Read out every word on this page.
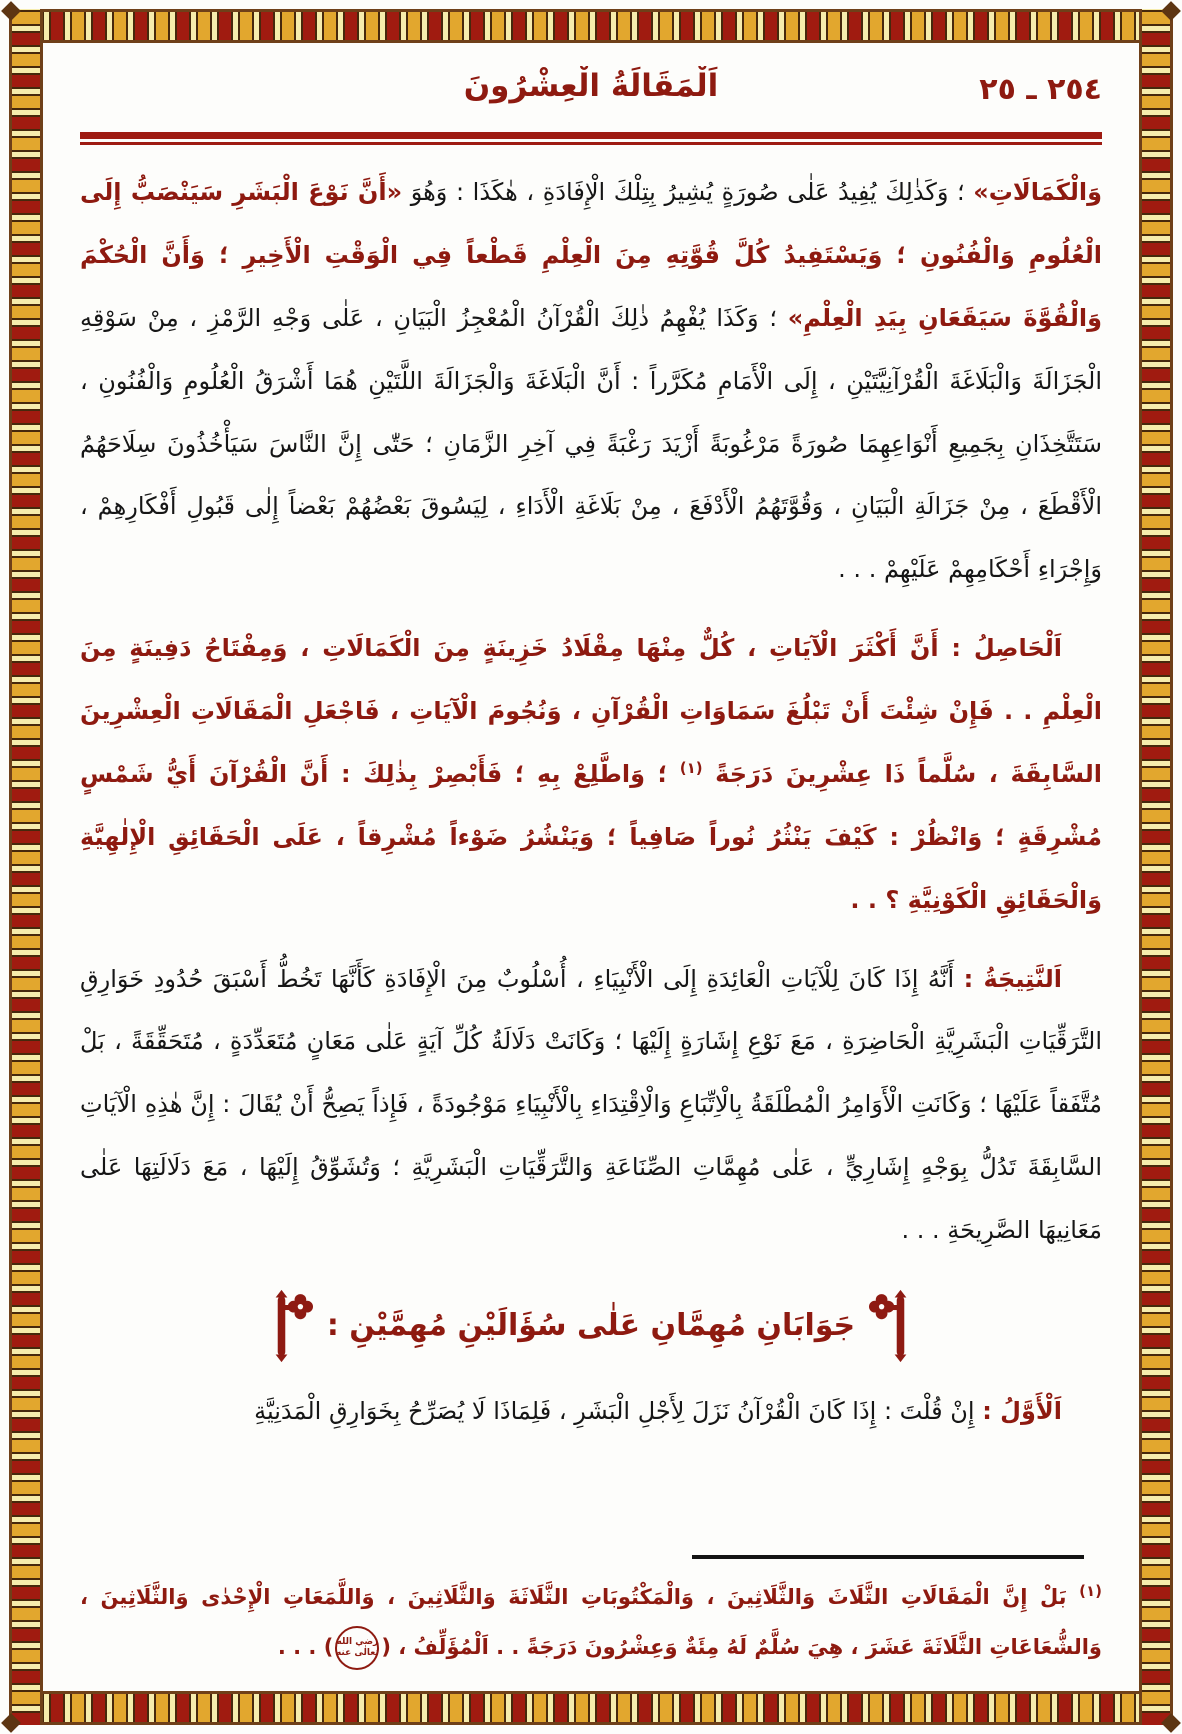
٢٥٤ ـ ٢٥
اَلْمَقَالَةُ الْعِشْرُونَ

وَالْكَمَالَاتِ» ؛ وَكَذٰلِكَ يُفِيدُ عَلٰى صُورَةٍ يُشِيرُ بِتِلْكَ الْإِفَادَةِ ، هٰكَذَا : وَهُوَ «أَنَّ نَوْعَ الْبَشَرِ سَيَنْصَبُّ إِلَى الْعُلُومِ وَالْفُنُونِ ؛ وَيَسْتَفِيدُ كُلَّ قُوَّتِهِ مِنَ الْعِلْمِ قَطْعاً فِي الْوَقْتِ الْأَخِيرِ ؛ وَأَنَّ الْحُكْمَ وَالْقُوَّةَ سَيَقَعَانِ بِيَدِ الْعِلْمِ» ؛ وَكَذَا يُفْهِمُ ذٰلِكَ الْقُرْآنُ الْمُعْجِزُ الْبَيَانِ ، عَلٰى وَجْهِ الرَّمْزِ ، مِنْ سَوْقِهِ الْجَزَالَةَ وَالْبَلَاغَةَ الْقُرْآنِيَّتَيْنِ ، إِلَى الْأَمَامِ مُكَرَّراً : أَنَّ الْبَلَاغَةَ وَالْجَزَالَةَ اللَّتَيْنِ هُمَا أَشْرَقُ الْعُلُومِ وَالْفُنُونِ ، سَتَتَّخِذَانِ بِجَمِيعِ أَنْوَاعِهِمَا صُورَةً مَرْغُوبَةً أَزْيَدَ رَغْبَةً فِي آخِرِ الزَّمَانِ ؛ حَتّٰى إِنَّ النَّاسَ سَيَأْخُذُونَ سِلَاحَهُمُ الْأَقْطَعَ ، مِنْ جَزَالَةِ الْبَيَانِ ، وَقُوَّتَهُمُ الْأَدْفَعَ ، مِنْ بَلَاغَةِ الْأَدَاءِ ، لِيَسُوقَ بَعْضُهُمْ بَعْضاً إِلٰى قَبُولِ أَفْكَارِهِمْ ، وَإِجْرَاءِ أَحْكَامِهِمْ عَلَيْهِمْ . . .

اَلْحَاصِلُ : أَنَّ أَكْثَرَ الْآيَاتِ ، كُلٌّ مِنْهَا مِقْلَادُ خَزِينَةٍ مِنَ الْكَمَالَاتِ ، وَمِفْتَاحُ دَفِينَةٍ مِنَ الْعِلْمِ . . فَإِنْ شِئْتَ أَنْ تَبْلُغَ سَمَاوَاتِ الْقُرْآنِ ، وَنُجُومَ الْآيَاتِ ، فَاجْعَلِ الْمَقَالَاتِ الْعِشْرِينَ السَّابِقَةَ ، سُلَّماً ذَا عِشْرِينَ دَرَجَةً $^{(١)}$ ؛ وَاطَّلِعْ بِهِ ؛ فَأَبْصِرْ بِذٰلِكَ : أَنَّ الْقُرْآنَ أَيُّ شَمْسٍ مُشْرِقَةٍ ؛ وَانْظُرْ : كَيْفَ يَنْثُرُ نُوراً صَافِياً ؛ وَيَنْشُرُ ضَوْءاً مُشْرِقاً ، عَلَى الْحَقَائِقِ الْإِلٰهِيَّةِ وَالْحَقَائِقِ الْكَوْنِيَّةِ ؟ . .

اَلنَّتِيجَةُ : أَنَّهُ إِذَا كَانَ لِلْآيَاتِ الْعَائِدَةِ إِلَى الْأَنْبِيَاءِ ، أُسْلُوبٌ مِنَ الْإِفَادَةِ كَأَنَّهَا تَخُطُّ أَسْبَقَ حُدُودِ خَوَارِقِ التَّرَقِّيَاتِ الْبَشَرِيَّةِ الْحَاضِرَةِ ، مَعَ نَوْعِ إِشَارَةٍ إِلَيْهَا ؛ وَكَانَتْ دَلَالَةُ كُلِّ آيَةٍ عَلٰى مَعَانٍ مُتَعَدِّدَةٍ ، مُتَحَقِّقَةً ، بَلْ مُتَّفَقاً عَلَيْهَا ؛ وَكَانَتِ الْأَوَامِرُ الْمُطْلَقَةُ بِالْاِتِّبَاعِ وَالْاِقْتِدَاءِ بِالْأَنْبِيَاءِ مَوْجُودَةً ، فَإِذاً يَصِحُّ أَنْ يُقَالَ : إِنَّ هٰذِهِ الْآيَاتِ السَّابِقَةَ تَدُلُّ بِوَجْهٍ إِشَارِيٍّ ، عَلٰى مُهِمَّاتِ الصِّنَاعَةِ وَالتَّرَقِّيَاتِ الْبَشَرِيَّةِ ؛ وَتُشَوِّقُ إِلَيْهَا ، مَعَ دَلَالَتِهَا عَلٰى مَعَانِيهَا الصَّرِيحَةِ . . .

جَوَابَانِ مُهِمَّانِ عَلٰى سُؤَالَيْنِ مُهِمَّيْنِ :

اَلْأَوَّلُ : إِنْ قُلْتَ : إِذَا كَانَ الْقُرْآنُ نَزَلَ لِأَجْلِ الْبَشَرِ ، فَلِمَاذَا لَا يُصَرِّحُ بِخَوَارِقِ الْمَدَنِيَّةِ

$^{(١)}$ بَلْ إِنَّ الْمَقَالَاتِ الثَّلَاثَ وَالثَّلَاثِينَ ، وَالْمَكْتُوبَاتِ الثَّلَاثَةَ وَالثَّلَاثِينَ ، وَاللَّمَعَاتِ الْإِحْدٰى وَالثَّلَاثِينَ ، وَالشُّعَاعَاتِ الثَّلَاثَةَ عَشَرَ ، هِيَ سُلَّمٌ لَهُ مِئَةٌ وَعِشْرُونَ دَرَجَةً . . اَلْمُؤَلِّفُ ، (
رضي الله
تعالٰى عنه
) . . .
